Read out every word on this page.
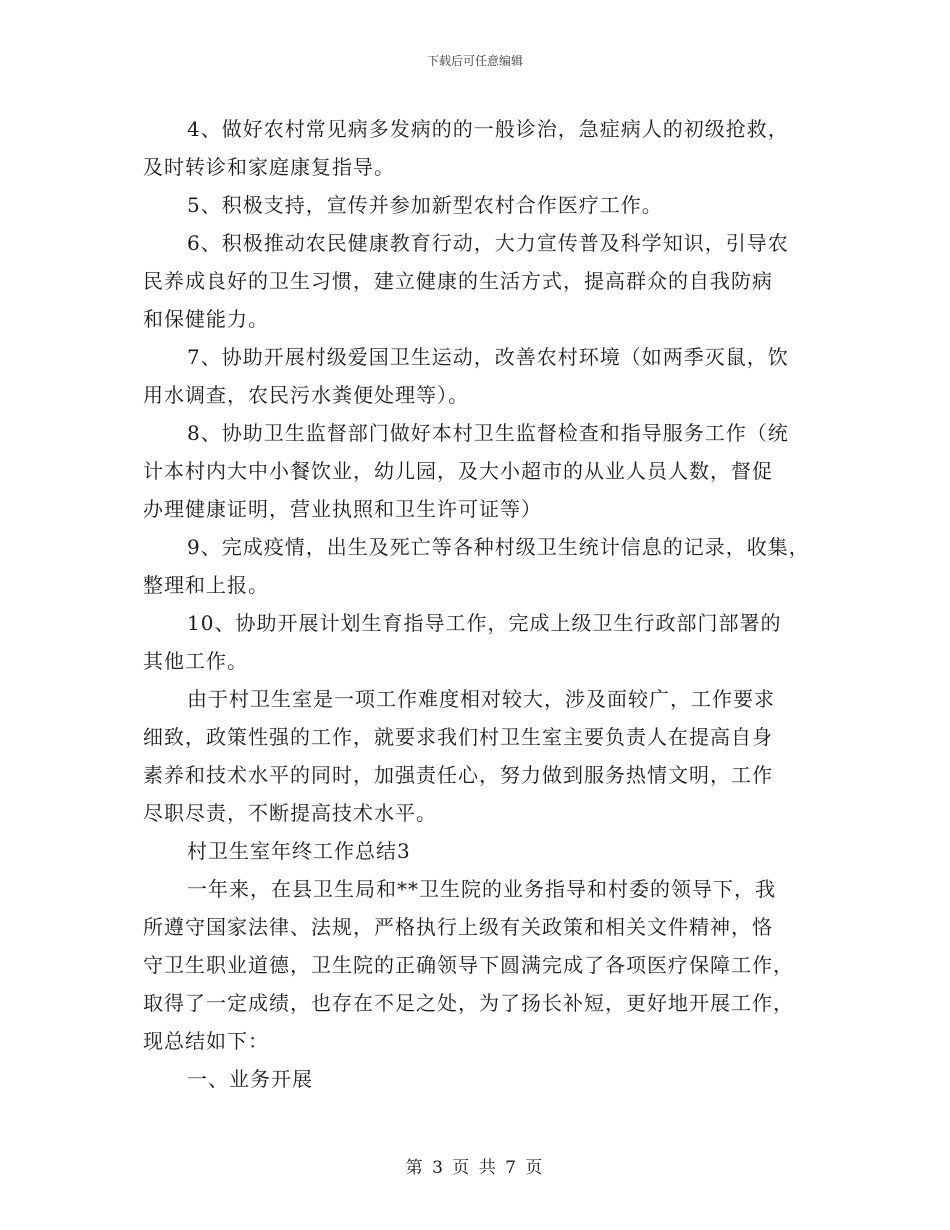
下载后可任意编辑
4、做好农村常见病多发病的的一般诊治，急症病人的初级抢救，
及时转诊和家庭康复指导。
5、积极支持，宣传并参加新型农村合作医疗工作。
6、积极推动农民健康教育行动，大力宣传普及科学知识，引导农
民养成良好的卫生习惯，建立健康的生活方式，提高群众的自我防病
和保健能力。
7、协助开展村级爱国卫生运动，改善农村环境（如两季灭鼠，饮
用水调查，农民污水粪便处理等）。
8、协助卫生监督部门做好本村卫生监督检查和指导服务工作（统
计本村内大中小餐饮业，幼儿园，及大小超市的从业人员人数，督促
办理健康证明，营业执照和卫生许可证等）
9、完成疫情，出生及死亡等各种村级卫生统计信息的记录，收集，
整理和上报。
10、协助开展计划生育指导工作，完成上级卫生行政部门部署的
其他工作。
由于村卫生室是一项工作难度相对较大，涉及面较广，工作要求
细致，政策性强的工作，就要求我们村卫生室主要负责人在提高自身
素养和技术水平的同时，加强责任心，努力做到服务热情文明，工作
尽职尽责，不断提高技术水平。
村卫生室年终工作总结3
一年来，在县卫生局和**卫生院的业务指导和村委的领导下，我
所遵守国家法律、法规，严格执行上级有关政策和相关文件精神，恪
守卫生职业道德，卫生院的正确领导下圆满完成了各项医疗保障工作，
取得了一定成绩，也存在不足之处，为了扬长补短，更好地开展工作，
现总结如下：
一、业务开展
第 3 页 共 7 页
